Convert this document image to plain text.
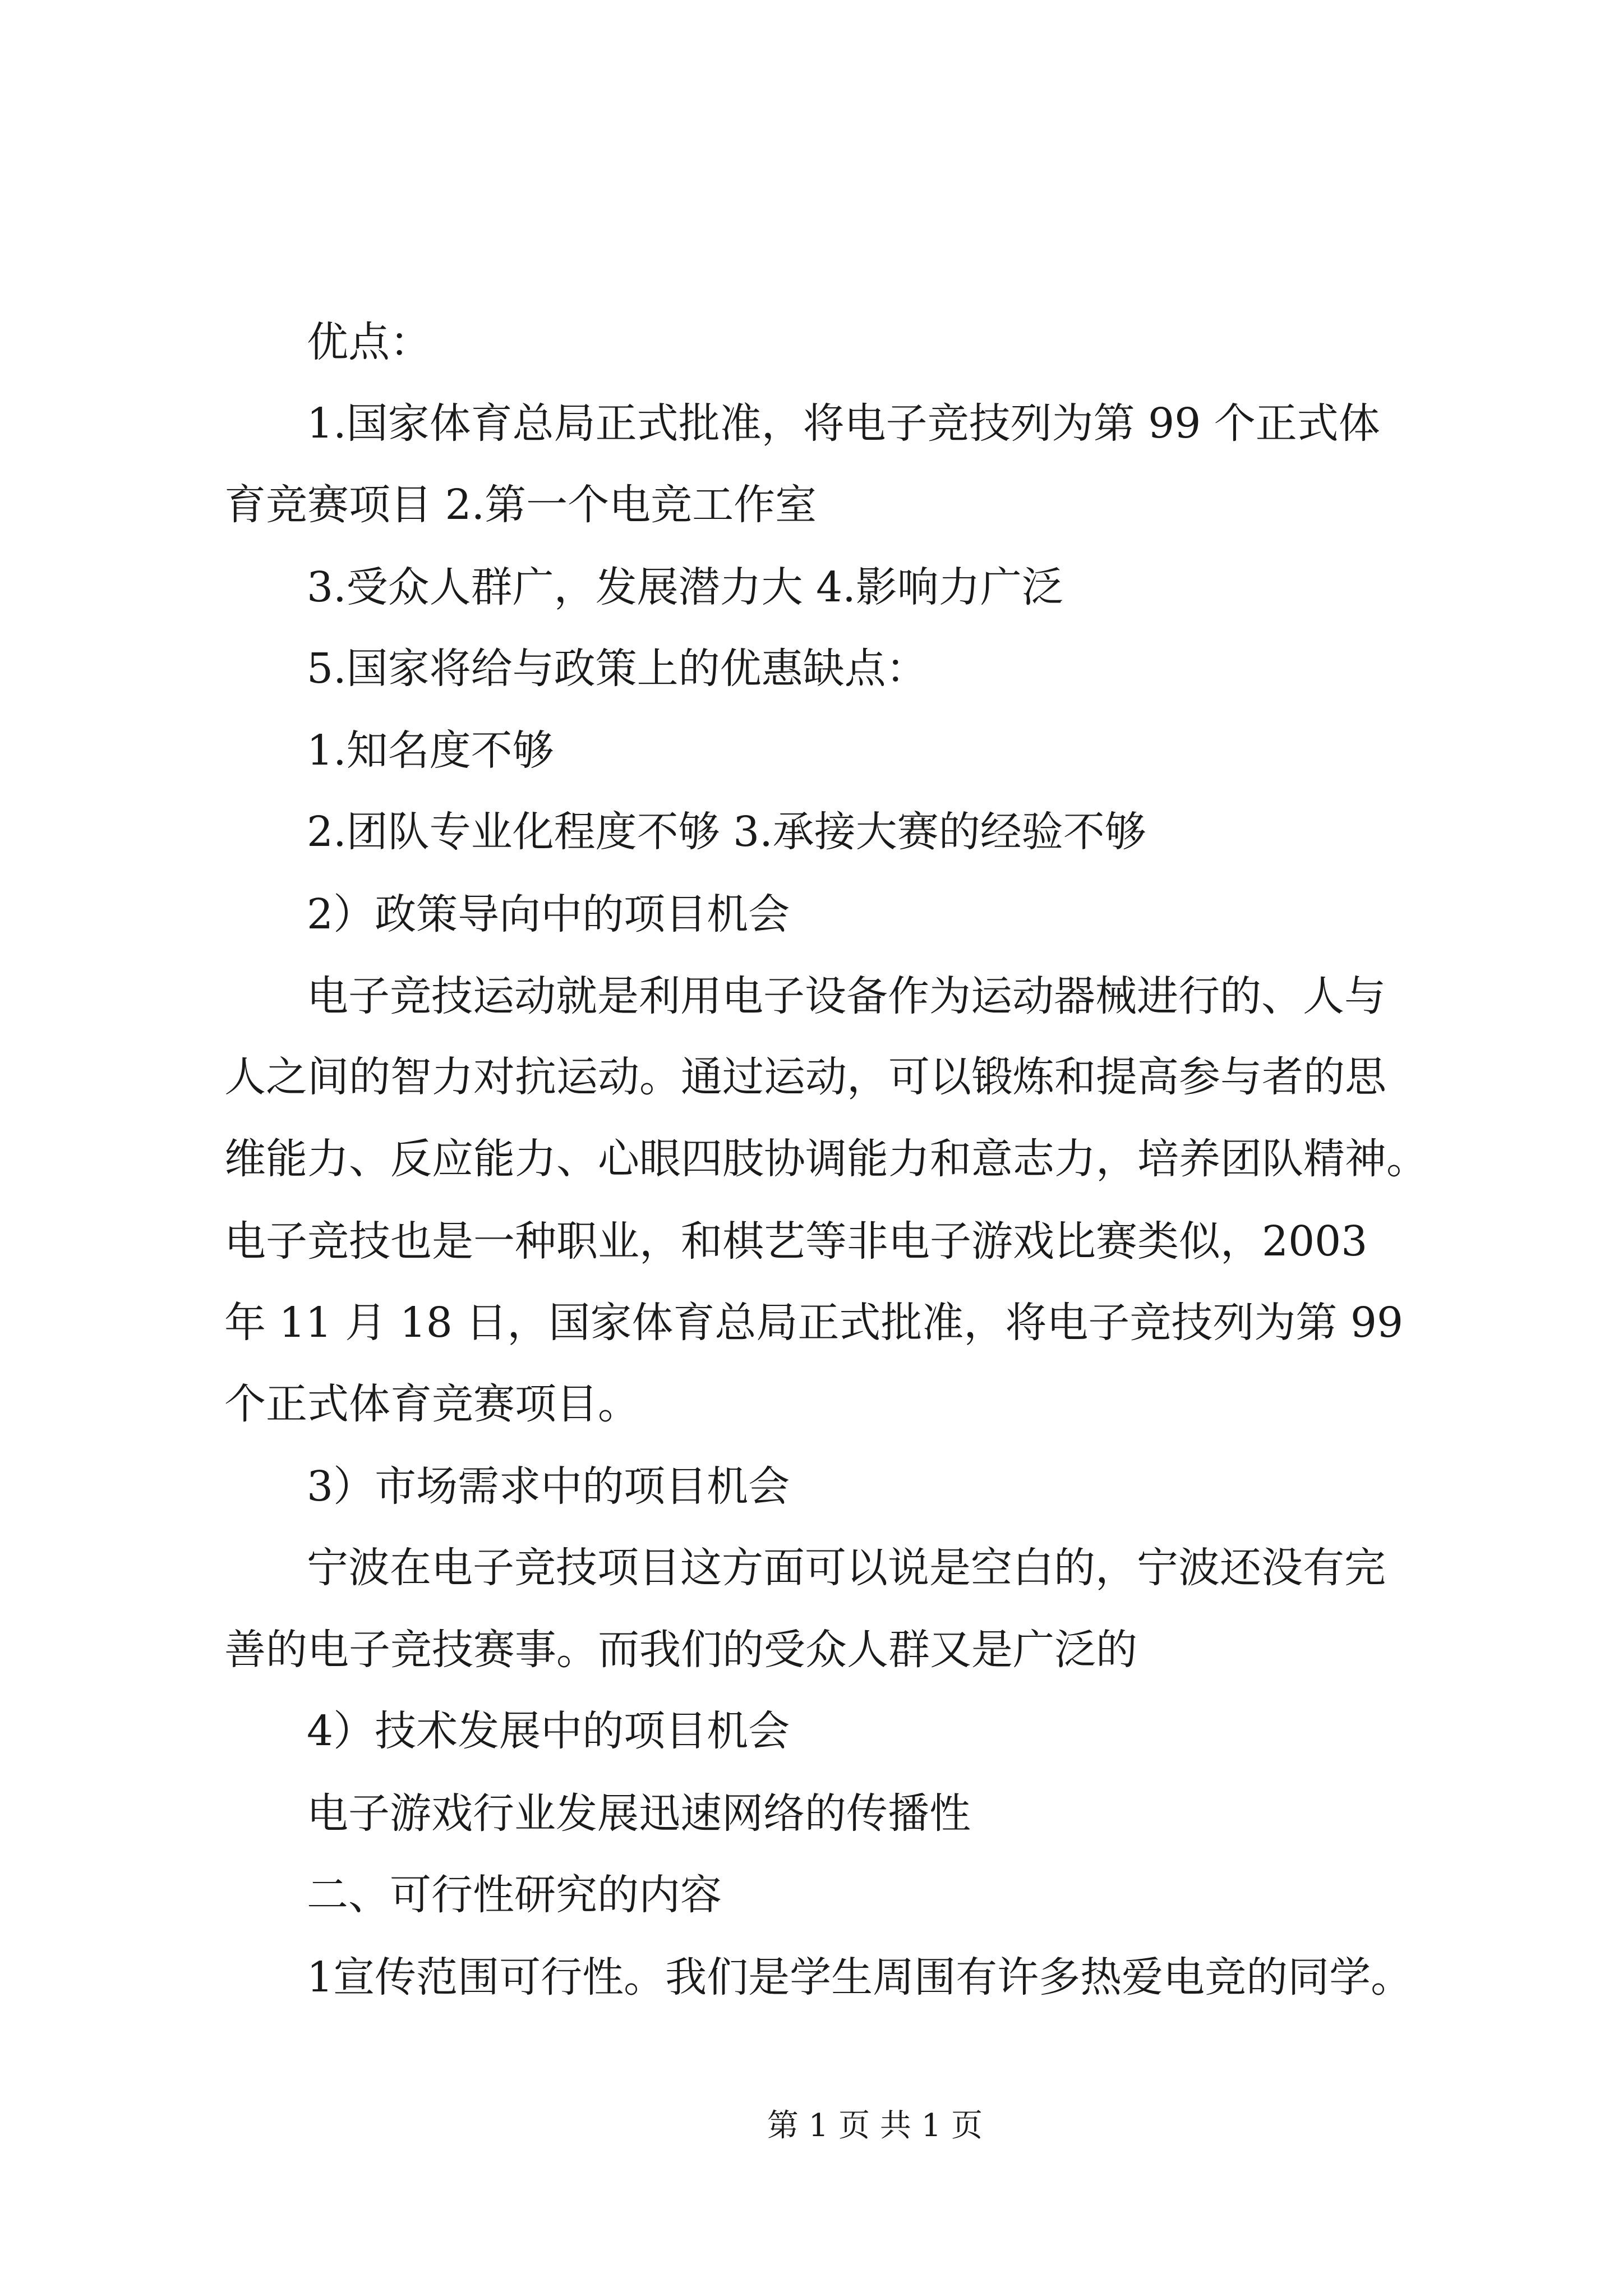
优点：

1.国家体育总局正式批准，将电子竞技列为第 99 个正式体

育竞赛项目 2.第一个电竞工作室

3.受众人群广，发展潜力大 4.影响力广泛

5.国家将给与政策上的优惠缺点：

1.知名度不够

2.团队专业化程度不够 3.承接大赛的经验不够

2）政策导向中的项目机会

电子竞技运动就是利用电子设备作为运动器械进行的、人与

人之间的智力对抗运动。通过运动，可以锻炼和提高参与者的思

维能力、反应能力、心眼四肢协调能力和意志力，培养团队精神。

电子竞技也是一种职业，和棋艺等非电子游戏比赛类似，2003

年 11 月 18 日，国家体育总局正式批准，将电子竞技列为第 99

个正式体育竞赛项目。

3）市场需求中的项目机会

宁波在电子竞技项目这方面可以说是空白的，宁波还没有完

善的电子竞技赛事。而我们的受众人群又是广泛的

4）技术发展中的项目机会

电子游戏行业发展迅速网络的传播性

二、可行性研究的内容

1宣传范围可行性。我们是学生周围有许多热爱电竞的同学。

第 1 页 共 1 页
